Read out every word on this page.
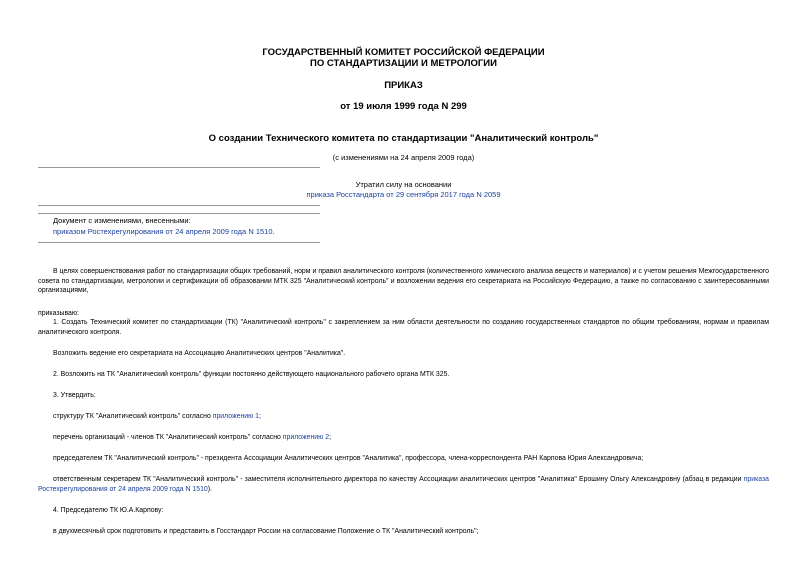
ГОСУДАРСТВЕННЫЙ КОМИТЕТ РОССИЙСКОЙ ФЕДЕРАЦИИ
ПО СТАНДАРТИЗАЦИИ И МЕТРОЛОГИИ
ПРИКАЗ
от 19 июля 1999 года N 299
О создании Технического комитета по стандартизации "Аналитический контроль"
(с изменениями на 24 апреля 2009 года)
Утратил силу на основании
приказа Росстандарта от 29 сентября 2017 года N 2059
Документ с изменениями, внесенными:
приказом Ростехрегулирования от 24 апреля 2009 года N 1510.
В целях совершенствования работ по стандартизации общих требований, норм и правил аналитического контроля (количественного химического анализа веществ и материалов) и с учетом решения Межгосударственного совета по стандартизации, метрологии и сертификации об образовании МТК 325 "Аналитический контроль" и возложении ведения его секретариата на Российскую Федерацию, а также по согласованию с заинтересованными организациями,
приказываю:
1. Создать Технический комитет по стандартизации (ТК) "Аналитический контроль" с закреплением за ним области деятельности по созданию государственных стандартов по общим требованиям, нормам и правилам аналитического контроля.
Возложить ведение его секретариата на Ассоциацию Аналитических центров "Аналитика".
2. Возложить на ТК "Аналитический контроль" функции постоянно действующего национального рабочего органа МТК 325.
3. Утвердить:
структуру ТК "Аналитический контроль" согласно приложению 1;
перечень организаций - членов ТК "Аналитический контроль" согласно приложению 2;
председателем ТК "Аналитический контроль" - президента Ассоциации Аналитических центров "Аналитика", профессора, члена-корреспондента РАН Карпова Юрия Александровича;
ответственным секретарем ТК "Аналитический контроль" - заместителя исполнительного директора по качеству Ассоциации аналитических центров "Аналитика" Ерошину Ольгу Александровну (абзац в редакции приказа Ростехрегулирования от 24 апреля 2009 года N 1510).
4. Председателю ТК Ю.А.Карпову:
в двухмесячный срок подготовить и представить в Госстандарт России на согласование Положение о ТК "Аналитический контроль";
